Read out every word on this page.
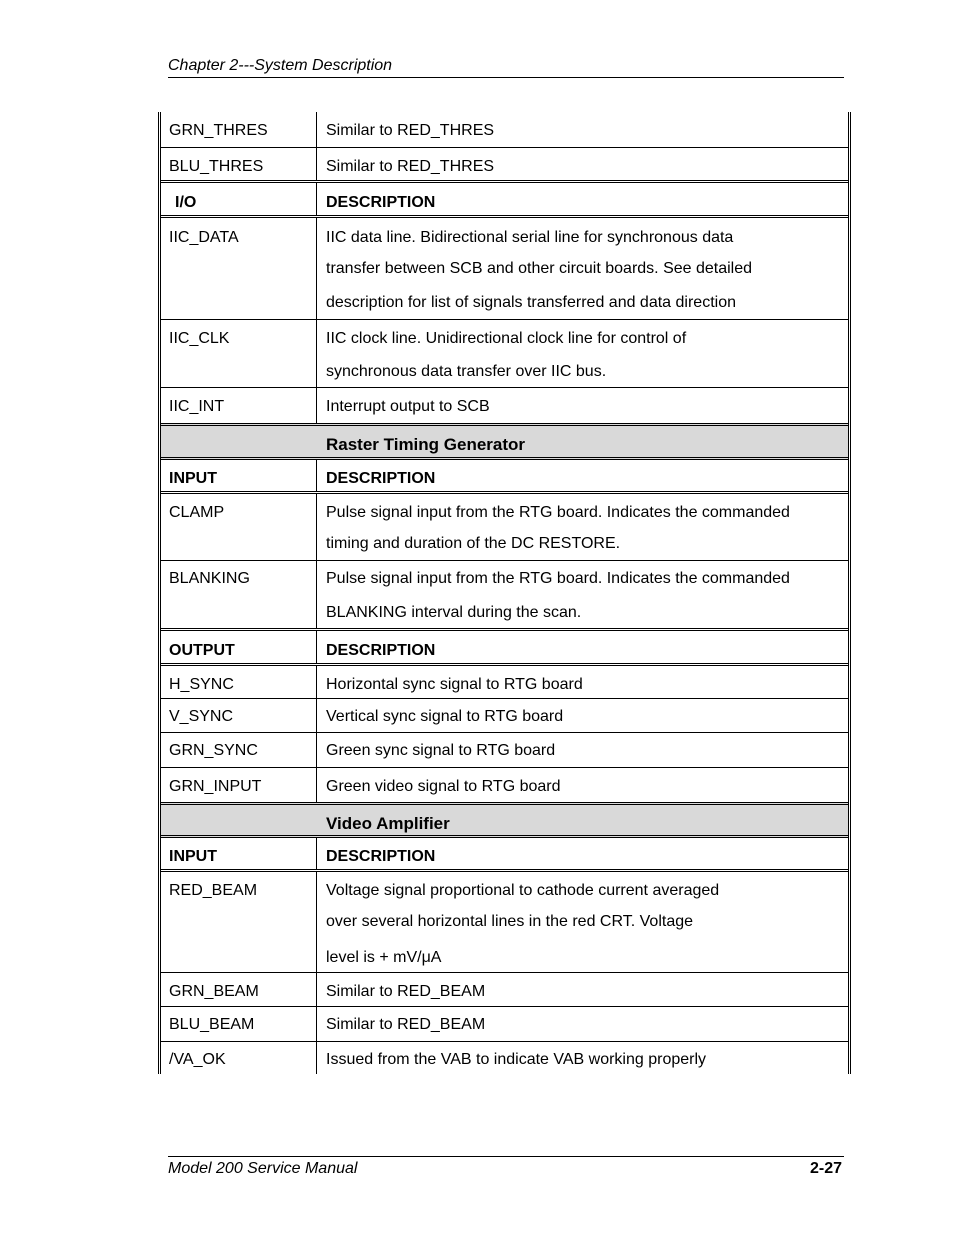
Chapter 2---System Description
GRN_THRES	Similar to RED_THRES
BLU_THRES	Similar to RED_THRES
I/O	DESCRIPTION
IIC_DATA	IIC data line. Bidirectional serial line for synchronous data
transfer between SCB and other circuit boards. See detailed
description for list of signals transferred and data direction
IIC_CLK	IIC clock line. Unidirectional clock line for control of
synchronous data transfer over IIC bus.
IIC_INT	Interrupt output to SCB
Raster Timing Generator
INPUT	DESCRIPTION
CLAMP	Pulse signal input from the RTG board. Indicates the commanded
timing and duration of the DC RESTORE.
BLANKING	Pulse signal input from the RTG board. Indicates the commanded
BLANKING interval during the scan.
OUTPUT	DESCRIPTION
H_SYNC	Horizontal sync signal to RTG board
V_SYNC	Vertical sync signal to RTG board
GRN_SYNC	Green sync signal to RTG board
GRN_INPUT	Green video signal to RTG board
Video Amplifier
INPUT	DESCRIPTION
RED_BEAM	Voltage signal proportional to cathode current averaged
over several horizontal lines in the red CRT. Voltage
level is + mV/μA
GRN_BEAM	Similar to RED_BEAM
BLU_BEAM	Similar to RED_BEAM
/VA_OK	Issued from the VAB to indicate VAB working properly
Model 200 Service Manual	2-27
